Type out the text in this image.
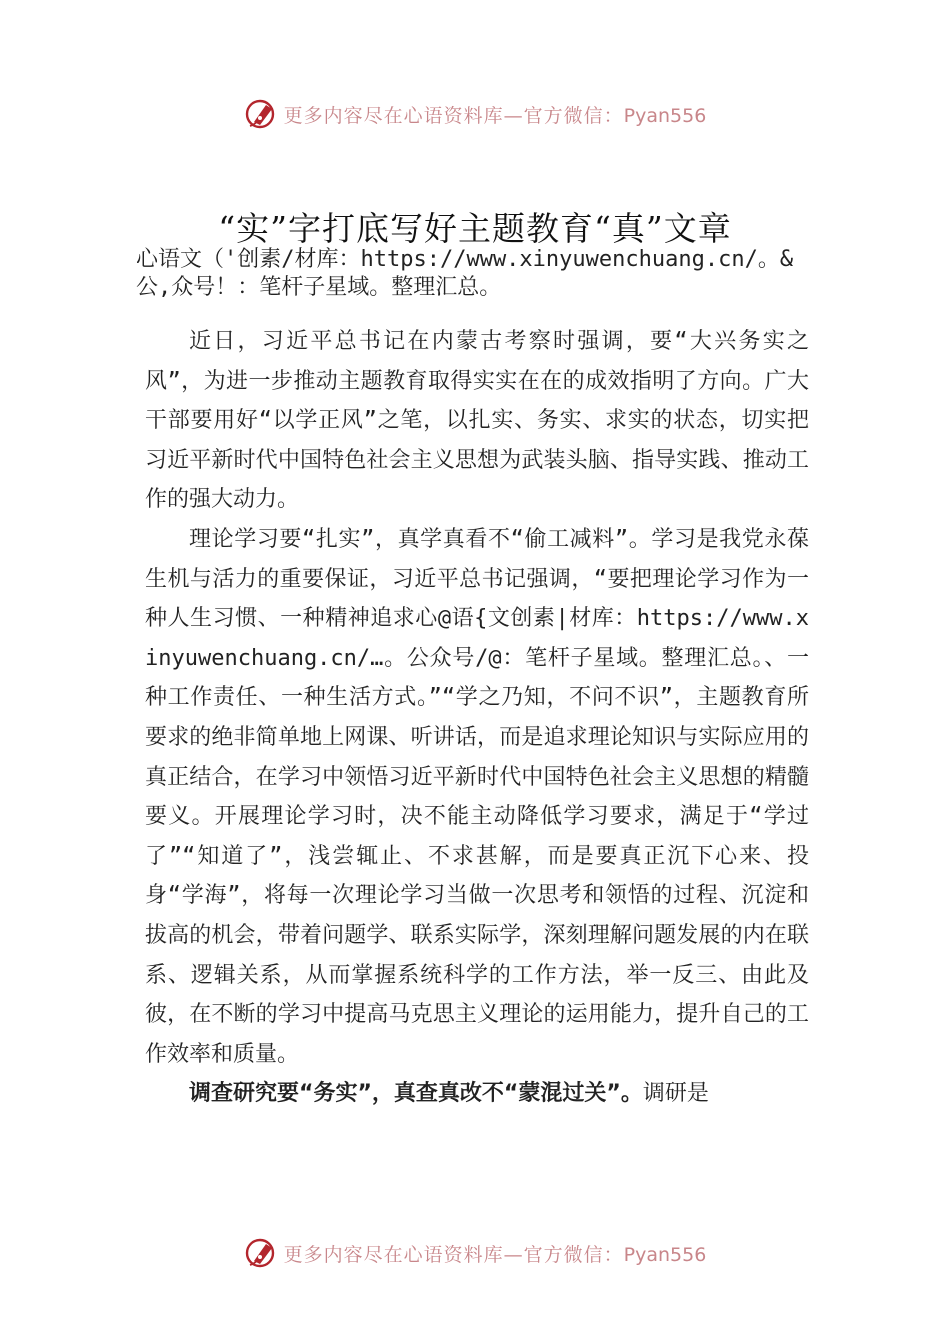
更多内容尽在心语资料库—官方微信：Pyan556
“实”字打底写好主题教育“真”文章

心语文（'创素/材库：https://www.xinyuwenchuang.cn/。&公,众号！：笔杆子星域。整理汇总。

近日，习近平总书记在内蒙古考察时强调，要“大兴务实之风”，为进一步推动主题教育取得实实在在的成效指明了方向。广大干部要用好“以学正风”之笔，以扎实、务实、求实的状态，切实把习近平新时代中国特色社会主义思想为武装头脑、指导实践、推动工作的强大动力。

理论学习要“扎实”，真学真看不“偷工减料”。学习是我党永葆生机与活力的重要保证，习近平总书记强调，“要把理论学习作为一种人生习惯、一种精神追求心@语{文创素|材库：https://www.xinyuwenchuang.cn/…。公众号/@：笔杆子星域。整理汇总。、一种工作责任、一种生活方式。”“学之乃知，不问不识”，主题教育所要求的绝非简单地上网课、听讲话，而是追求理论知识与实际应用的真正结合，在学习中领悟习近平新时代中国特色社会主义思想的精髓要义。开展理论学习时，决不能主动降低学习要求，满足于“学过了”“知道了”，浅尝辄止、不求甚解，而是要真正沉下心来、投身“学海”，将每一次理论学习当做一次思考和领悟的过程、沉淀和拔高的机会，带着问题学、联系实际学，深刻理解问题发展的内在联系、逻辑关系，从而掌握系统科学的工作方法，举一反三、由此及彼，在不断的学习中提高马克思主义理论的运用能力，提升自己的工作效率和质量。

调查研究要“务实”，真查真改不“蒙混过关”。调研是

更多内容尽在心语资料库—官方微信：Pyan556
